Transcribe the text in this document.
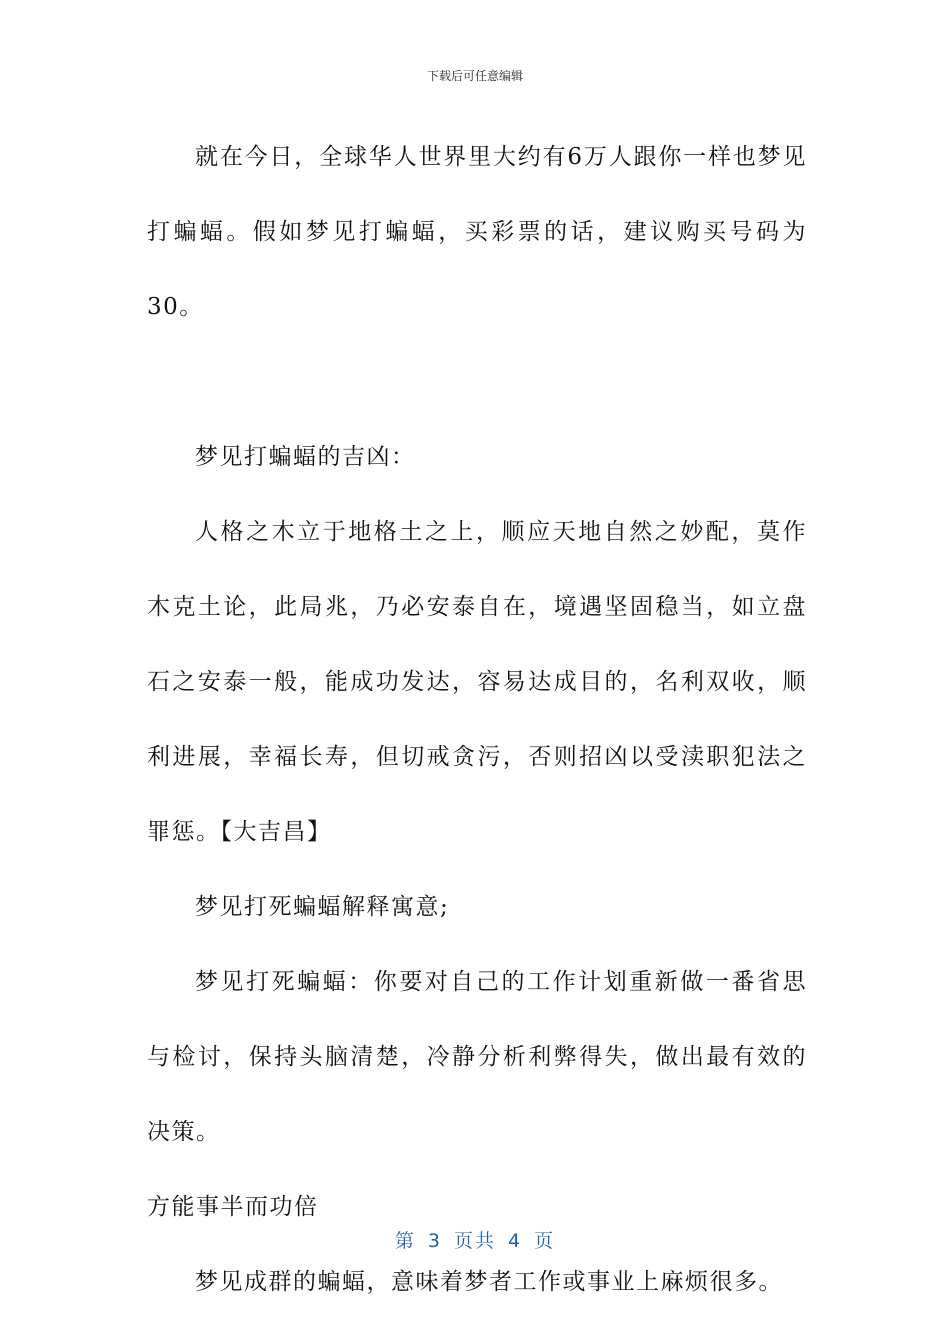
下载后可任意编辑

就在今日，全球华人世界里大约有6万人跟你一样也梦见打蝙蝠。假如梦见打蝙蝠，买彩票的话，建议购买号码为30。

梦见打蝙蝠的吉凶：

人格之木立于地格土之上，顺应天地自然之妙配，莫作木克土论，此局兆，乃必安泰自在，境遇坚固稳当，如立盘石之安泰一般，能成功发达，容易达成目的，名利双收，顺利进展，幸福长寿，但切戒贪污，否则招凶以受渎职犯法之罪惩。【大吉昌】

梦见打死蝙蝠解释寓意;

梦见打死蝙蝠：你要对自己的工作计划重新做一番省思与检讨，保持头脑清楚，冷静分析利弊得失，做出最有效的决策。

方能事半而功倍

梦见成群的蝙蝠，意味着梦者工作或事业上麻烦很多。

第 3 页共 4 页
